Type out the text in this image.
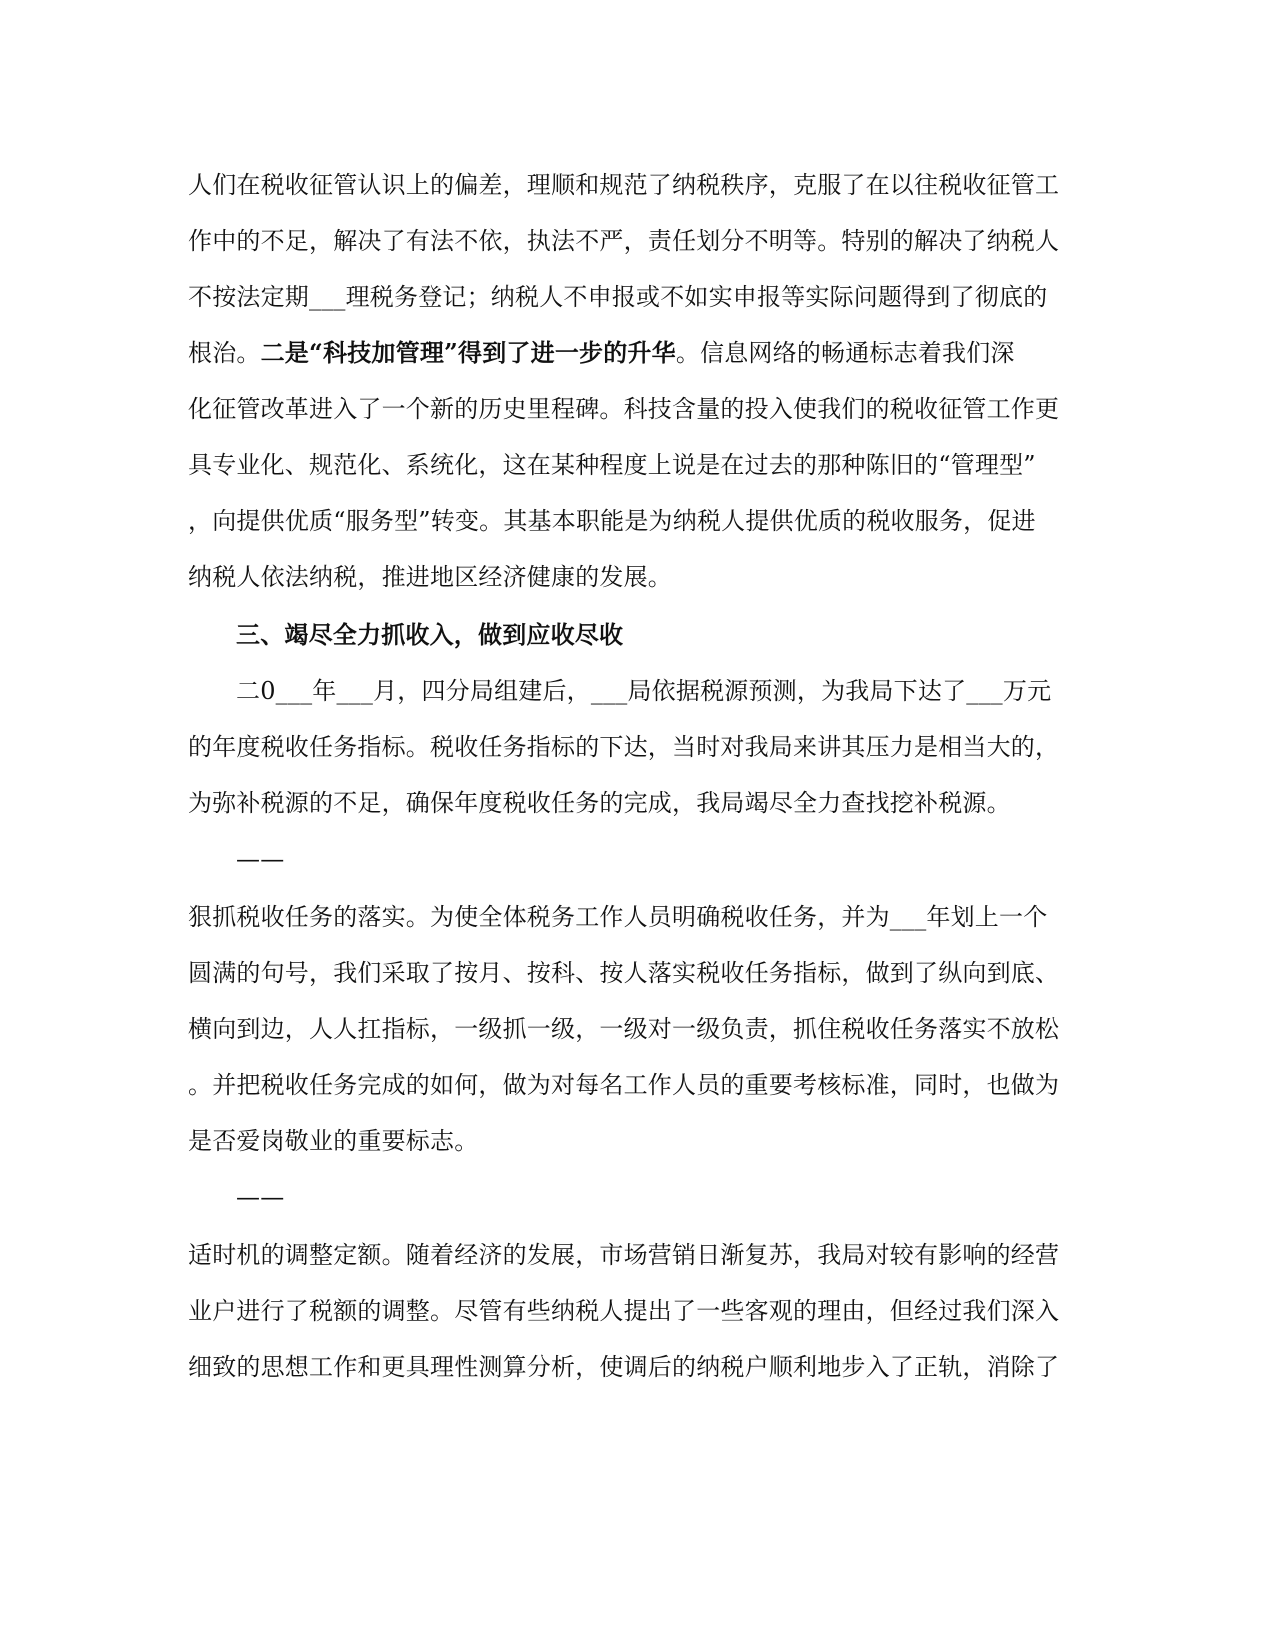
人们在税收征管认识上的偏差，理顺和规范了纳税秩序，克服了在以往税收征管工
作中的不足，解决了有法不依，执法不严，责任划分不明等。特别的解决了纳税人
不按法定期___理税务登记；纳税人不申报或不如实申报等实际问题得到了彻底的
根治。二是“科技加管理”得到了进一步的升华。信息网络的畅通标志着我们深
化征管改革进入了一个新的历史里程碑。科技含量的投入使我们的税收征管工作更
具专业化、规范化、系统化，这在某种程度上说是在过去的那种陈旧的“管理型”
，向提供优质“服务型”转变。其基本职能是为纳税人提供优质的税收服务，促进
纳税人依法纳税，推进地区经济健康的发展。
三、竭尽全力抓收入，做到应收尽收
二0___年___月，四分局组建后，___局依据税源预测，为我局下达了___万元
的年度税收任务指标。税收任务指标的下达，当时对我局来讲其压力是相当大的，
为弥补税源的不足，确保年度税收任务的完成，我局竭尽全力查找挖补税源。
——
狠抓税收任务的落实。为使全体税务工作人员明确税收任务，并为___年划上一个
圆满的句号，我们采取了按月、按科、按人落实税收任务指标，做到了纵向到底、
横向到边，人人扛指标，一级抓一级，一级对一级负责，抓住税收任务落实不放松
。并把税收任务完成的如何，做为对每名工作人员的重要考核标准，同时，也做为
是否爱岗敬业的重要标志。
——
适时机的调整定额。随着经济的发展，市场营销日渐复苏，我局对较有影响的经营
业户进行了税额的调整。尽管有些纳税人提出了一些客观的理由，但经过我们深入
细致的思想工作和更具理性测算分析，使调后的纳税户顺利地步入了正轨，消除了
